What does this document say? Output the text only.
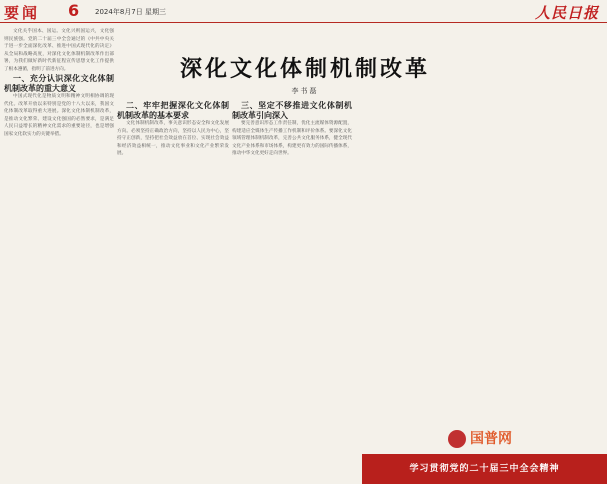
要闻 6 2024年8月7日 星期三	人民日报
深化文化体制机制改革
李书磊

文化关乎国本、国运。文化兴则国运兴，文化强则民族强。党的二十届三中全会通过的《中共中央关于进一步全面深化改革、推进中国式现代化的决定》从全局和战略高度，对深化文化体制机制改革作出部署，为我们做好新时代新征程宣传思想文化工作提供了根本遵循，指明了前进方向。

一、充分认识深化文化体制机制改革的重大意义

中国式现代化是物质文明和精神文明相协调的现代化。改革开放以来特别是党的十八大以来，我国文化体制改革取得重大进展。深化文化体制机制改革，是推动文化繁荣、建设文化强国的必然要求，是满足人民日益增长的精神文化需求的重要途径，也是增强国家文化软实力的关键举措。

二、牢牢把握深化文化体制机制改革的基本要求

文化体制机制改革，事关意识形态安全和文化发展方向。必须坚持正确政治方向，坚持以人民为中心，坚持守正创新，坚持把社会效益放在首位、实现社会效益和经济效益相统一，推动文化事业和文化产业繁荣发展。

三、坚定不移推进文化体制机制改革引向深入

要完善意识形态工作责任制，优化主流媒体资源配置，构建适应全媒体生产传播工作机制和评价体系。要深化文化领域管理体制机制改革，完善公共文化服务体系，健全现代文化产业体系和市场体系，构建更有效力的国际传播体系，推动中华文化更好走向世界。

国普网
学习贯彻党的二十届三中全会精神
